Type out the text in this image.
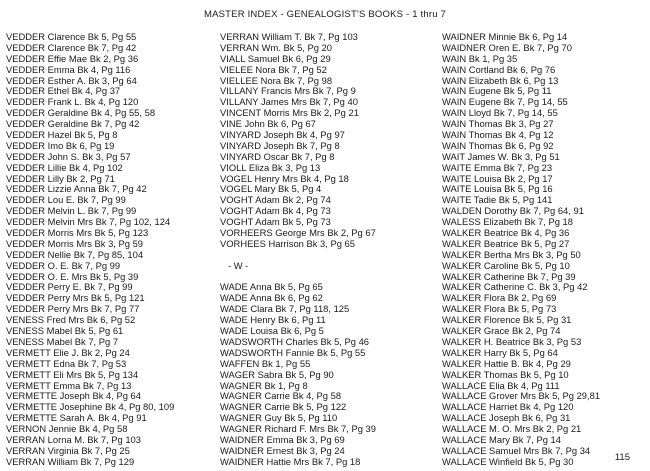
MASTER INDEX - GENEALOGIST'S BOOKS - 1 thru 7
VEDDER Clarence Bk 5, Pg 55
VEDDER Clarence Bk 7, Pg 42
VEDDER Effie Mae Bk 2, Pg 36
VEDDER Emma Bk 4, Pg 116
VEDDER Esther A. Bk 3, Pg 64
VEDDER Ethel Bk 4, Pg 37
VEDDER Frank L. Bk 4, Pg 120
VEDDER Geraldine Bk 4, Pg 55, 58
VEDDER Geraldine Bk 7, Pg 42
VEDDER Hazel Bk 5, Pg 8
VEDDER Imo Bk 6, Pg 19
VEDDER John S. Bk 3, Pg 57
VEDDER Lillie Bk 4, Pg 102
VEDDER Lilly Bk 2, Pg 71
VEDDER Lizzie Anna Bk 7, Pg 42
VEDDER Lou E. Bk 7, Pg 99
VEDDER Melvin L. Bk 7, Pg 99
VEDDER Melvin Mrs Bk 7, Pg 102, 124
VEDDER Morris Mrs Bk 5, Pg 123
VEDDER Morris Mrs Bk 3, Pg 59
VEDDER Nellie Bk 7, Pg 85, 104
VEDDER O. E. Bk 7, Pg 99
VEDDER O. E. Mrs Bk 5, Pg 39
VEDDER Perry E. Bk 7, Pg 99
VEDDER Perry Mrs Bk 5, Pg 121
VEDDER Perry Mrs Bk 7, Pg 77
VENESS Fred Mrs Bk 6, Pg 52
VENESS Mabel Bk 5, Pg 61
VENESS Mabel Bk 7, Pg 7
VERMETT Elie J. Bk 2, Pg 24
VERMETT Edna Bk 7, Pg 53
VERMETT Eli Mrs Bk 5, Pg 134
VERMETT Emma Bk 7, Pg 13
VERMETTE Joseph Bk 4, Pg 64
VERMETTE Josephine Bk 4, Pg 80, 109
VERMETTE Sarah A. Bk 4, Pg 91
VERNON Jennie Bk 4, Pg 58
VERRAN Lorna M. Bk 7, Pg 103
VERRAN Virginia Bk 7, Pg 25
VERRAN William Bk 7, Pg 129
VERRAN William T. Bk 7, Pg 103
VERRAN Wm. Bk 5, Pg 20
VIALL Samuel Bk 6, Pg 29
VIELEE Nora Bk 7, Pg 52
VIELLEE Nora Bk 7, Pg 98
VILLANY Francis Mrs Bk 7, Pg 9
VILLANY James Mrs Bk 7, Pg 40
VINCENT Morris Mrs Bk 2, Pg 21
VINE John Bk 6, Pg 67
VINYARD Joseph Bk 4, Pg 97
VINYARD Joseph Bk 7, Pg 8
VINYARD Oscar Bk 7, Pg 8
VIOLL Eliza Bk 3, Pg 13
VOGEL Henry Mrs Bk 4, Pg 18
VOGEL Mary Bk 5, Pg 4
VOGHT Adam Bk 2, Pg 74
VOGHT Adam Bk 4, Pg 73
VOGHT Adam Bk 5, Pg 73
VORHEERS George Mrs Bk 2, Pg 67
VORHEES Harrison Bk 3, Pg 65

- W -

WADE Anna Bk 5, Pg 65
WADE Anna Bk 6, Pg 62
WADE Clara Bk 7, Pg 118, 125
WADE Henry Bk 6, Pg 11
WADE Louisa Bk 6, Pg 5
WADSWORTH Charles Bk 5, Pg 46
WADSWORTH Fannie Bk 5, Pg 55
WAFFEN Bk 1, Pg 55
WAGER Sabra Bk 5, Pg 90
WAGNER Bk 1, Pg 8
WAGNER Carrie Bk 4, Pg 58
WAGNER Carrie Bk 5, Pg 122
WAGNER Guy Bk 5, Pg 110
WAGNER Richard F. Mrs Bk 7, Pg 39
WAIDNER Emma Bk 3, Pg 69
WAIDNER Ernest Bk 3, Pg 24
WAIDNER Hattie Mrs Bk 7, Pg 18
WAIDNER Minnie Bk 6, Pg 14
WAIDNER Oren E. Bk 7, Pg 70
WAIN Bk 1, Pg 35
WAIN Cortland Bk 6, Pg 76
WAIN Elizabeth Bk 6, Pg 13
WAIN Eugene Bk 5, Pg 11
WAIN Eugene Bk 7, Pg 14, 55
WAIN Lloyd Bk 7, Pg 14, 55
WAIN Thomas Bk 3, Pg 27
WAIN Thomas Bk 4, Pg 12
WAIN Thomas Bk 6, Pg 92
WAIT James W. Bk 3, Pg 51
WAITE Emma Bk 7, Pg 23
WAITE Louisa Bk 2, Pg 17
WAITE Louisa Bk 5, Pg 16
WAITE Tadie Bk 5, Pg 141
WALDEN Dorothy Bk 7, Pg 64, 91
WALESS Elizabeth Bk 7, Pg 18
WALKER Beatrice Bk 4, Pg 36
WALKER Beatrice Bk 5, Pg 27
WALKER Bertha Mrs Bk 3, Pg 50
WALKER Caroline Bk 5, Pg 10
WALKER Catherine Bk 7, Pg 39
WALKER Catherine C. Bk 3, Pg 42
WALKER Flora Bk 2, Pg 69
WALKER Flora Bk 5, Pg 73
WALKER Florence Bk 5, Pg 31
WALKER Grace Bk 2, Pg 74
WALKER H. Beatrice Bk 3, Pg 53
WALKER Harry Bk 5, Pg 64
WALKER Hattie B. Bk 4, Pg 29
WALKER Thomas Bk 5, Pg 10
WALLACE Elia Bk 4, Pg 111
WALLACE Grover Mrs Bk 5, Pg 29,81
WALLACE Harriet Bk 4, Pg 120
WALLACE Joseph Bk 6, Pg 31
WALLACE M. O. Mrs Bk 2, Pg 21
WALLACE Mary Bk 7, Pg 14
WALLACE Samuel Mrs Bk 7, Pg 34
WALLACE Winfield Bk 5, Pg 30	115
